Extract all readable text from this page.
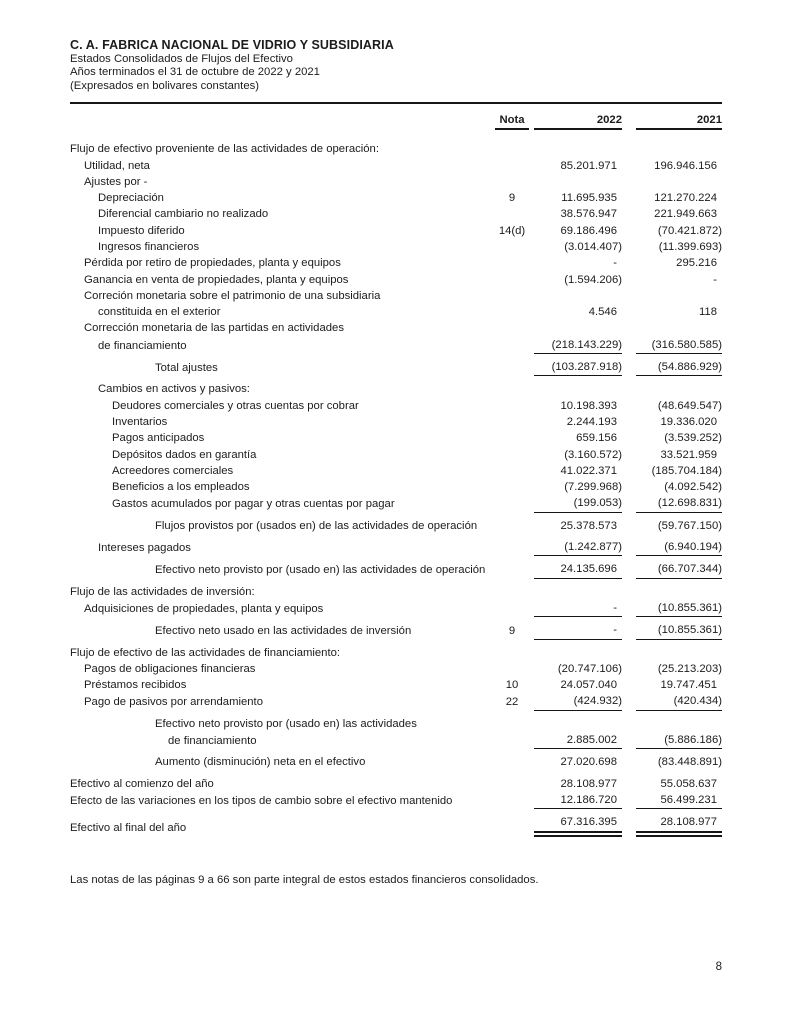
C. A. FABRICA NACIONAL DE VIDRIO Y SUBSIDIARIA
Estados Consolidados de Flujos del Efectivo
Años terminados el 31 de octubre de 2022 y 2021
(Expresados en bolivares constantes)
Nota	2022	2021
Flujo de efectivo proveniente de las actividades de operación:
Utilidad, neta	85.201.971	196.946.156
Ajustes por -
Depreciación	9	11.695.935	121.270.224
Diferencial cambiario no realizado	38.576.947	221.949.663
Impuesto diferido	14(d)	69.186.496	(70.421.872)
Ingresos financieros	(3.014.407)	(11.399.693)
Pérdida por retiro de propiedades, planta y equipos	-	295.216
Ganancia en venta de propiedades, planta y equipos	(1.594.206)	-
Correción monetaria sobre el patrimonio de una subsidiaria
constituida en el exterior	4.546	118
Corrección monetaria de las partidas en actividades
de financiamiento	(218.143.229)	(316.580.585)
Total ajustes	(103.287.918)	(54.886.929)
Cambios en activos y pasivos:
Deudores comerciales y otras cuentas por cobrar	10.198.393	(48.649.547)
Inventarios	2.244.193	19.336.020
Pagos anticipados	659.156	(3.539.252)
Depósitos dados en garantía	(3.160.572)	33.521.959
Acreedores comerciales	41.022.371	(185.704.184)
Beneficios a los empleados	(7.299.968)	(4.092.542)
Gastos acumulados por pagar y otras cuentas por pagar	(199.053)	(12.698.831)
Flujos provistos por (usados en) de las actividades de operación	25.378.573	(59.767.150)
Intereses pagados	(1.242.877)	(6.940.194)
Efectivo neto provisto por (usado en) las actividades de operación	24.135.696	(66.707.344)
Flujo de las actividades de inversión:
Adquisiciones de propiedades, planta y equipos	-	(10.855.361)
Efectivo neto usado en las actividades de inversión	9	-	(10.855.361)
Flujo de efectivo de las actividades de financiamiento:
Pagos de obligaciones financieras	(20.747.106)	(25.213.203)
Préstamos recibidos	10	24.057.040	19.747.451
Pago de pasivos por arrendamiento	22	(424.932)	(420.434)
Efectivo neto provisto por (usado en) las actividades
de financiamiento	2.885.002	(5.886.186)
Aumento (disminución) neta en el efectivo	27.020.698	(83.448.891)
Efectivo al comienzo del año	28.108.977	55.058.637
Efecto de las variaciones en los tipos de cambio sobre el efectivo mantenido	12.186.720	56.499.231
Efectivo al final del año	67.316.395	28.108.977
Las notas de las páginas 9 a 66 son parte integral de estos estados financieros consolidados.
8
